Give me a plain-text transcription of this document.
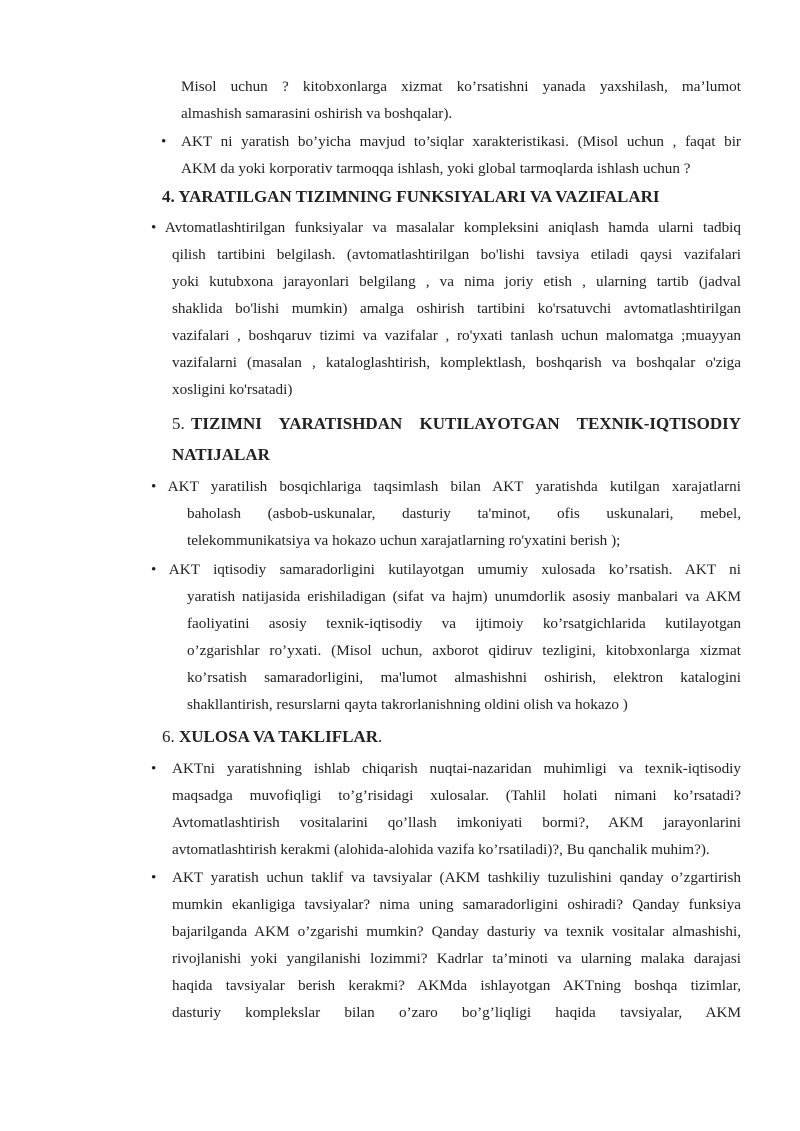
Misol uchun ? kitobxonlarga xizmat ko’rsatishni yanada yaxshilash, ma’lumot
almashish samarasini oshirish va boshqalar).
• AKT ni yaratish bo’yicha mavjud to’siqlar xarakteristikasi. (Misol uchun , faqat bir
AKM da yoki korporativ tarmoqqa ishlash, yoki global tarmoqlarda ishlash uchun ?
4. YARATILGAN TIZIMNING FUNKSIYALARI VA VAZIFALARI
• Avtomatlashtirilgan funksiyalar va masalalar kompleksini aniqlash hamda ularni tadbiq
qilish tartibini belgilash. (avtomatlashtirilgan bo'lishi tavsiya etiladi qaysi vazifalari
yoki kutubxona jarayonlari belgilang , va nima joriy etish , ularning tartib (jadval
shaklida bo'lishi mumkin) amalga oshirish tartibini ko'rsatuvchi avtomatlashtirilgan
vazifalari , boshqaruv tizimi va vazifalar , ro'yxati tanlash uchun malomatga ;muayyan
vazifalarni (masalan , kataloglashtirish, komplektlash, boshqarish va boshqalar o'ziga
xosligini ko'rsatadi)
5. TIZIMNI YARATISHDAN KUTILAYOTGAN TEXNIK-IQTISODIY
NATIJALAR
• AKT yaratilish bosqichlariga taqsimlash bilan AKT yaratishda kutilgan xarajatlarni
baholash (asbob-uskunalar, dasturiy ta'minot, ofis uskunalari, mebel,
telekommunikatsiya va hokazo uchun xarajatlarning ro'yxatini berish );
• AKT iqtisodiy samaradorligini kutilayotgan umumiy xulosada ko’rsatish. AKT ni
yaratish natijasida erishiladigan (sifat va hajm) unumdorlik asosiy manbalari va AKM
faoliyatini asosiy texnik-iqtisodiy va ijtimoiy ko’rsatgichlarida kutilayotgan
o’zgarishlar ro’yxati. (Misol uchun, axborot qidiruv tezligini, kitobxonlarga xizmat
ko’rsatish samaradorligini, ma'lumot almashishni oshirish, elektron katalogini
shakllantirish, resurslarni qayta takrorlanishning oldini olish va hokazo )
6. XULOSA VA TAKLIFLAR.
• AKTni yaratishning ishlab chiqarish nuqtai-nazaridan muhimligi va texnik-iqtisodiy
maqsadga muvofiqligi to’g’risidagi xulosalar. (Tahlil holati nimani ko’rsatadi?
Avtomatlashtirish vositalarini qo’llash imkoniyati bormi?, AKM jarayonlarini
avtomatlashtirish kerakmi (alohida-alohida vazifa ko’rsatiladi)?, Bu qanchalik muhim?).
• AKT yaratish uchun taklif va tavsiyalar (AKM tashkiliy tuzulishini qanday o’zgartirish
mumkin ekanligiga tavsiyalar? nima uning samaradorligini oshiradi? Qanday funksiya
bajarilganda AKM o’zgarishi mumkin? Qanday dasturiy va texnik vositalar almashishi,
rivojlanishi yoki yangilanishi lozimmi? Kadrlar ta’minoti va ularning malaka darajasi
haqida tavsiyalar berish kerakmi? AKMda ishlayotgan AKTning boshqa tizimlar,
dasturiy komplekslar bilan o’zaro bo’g’liqligi haqida tavsiyalar, AKM
